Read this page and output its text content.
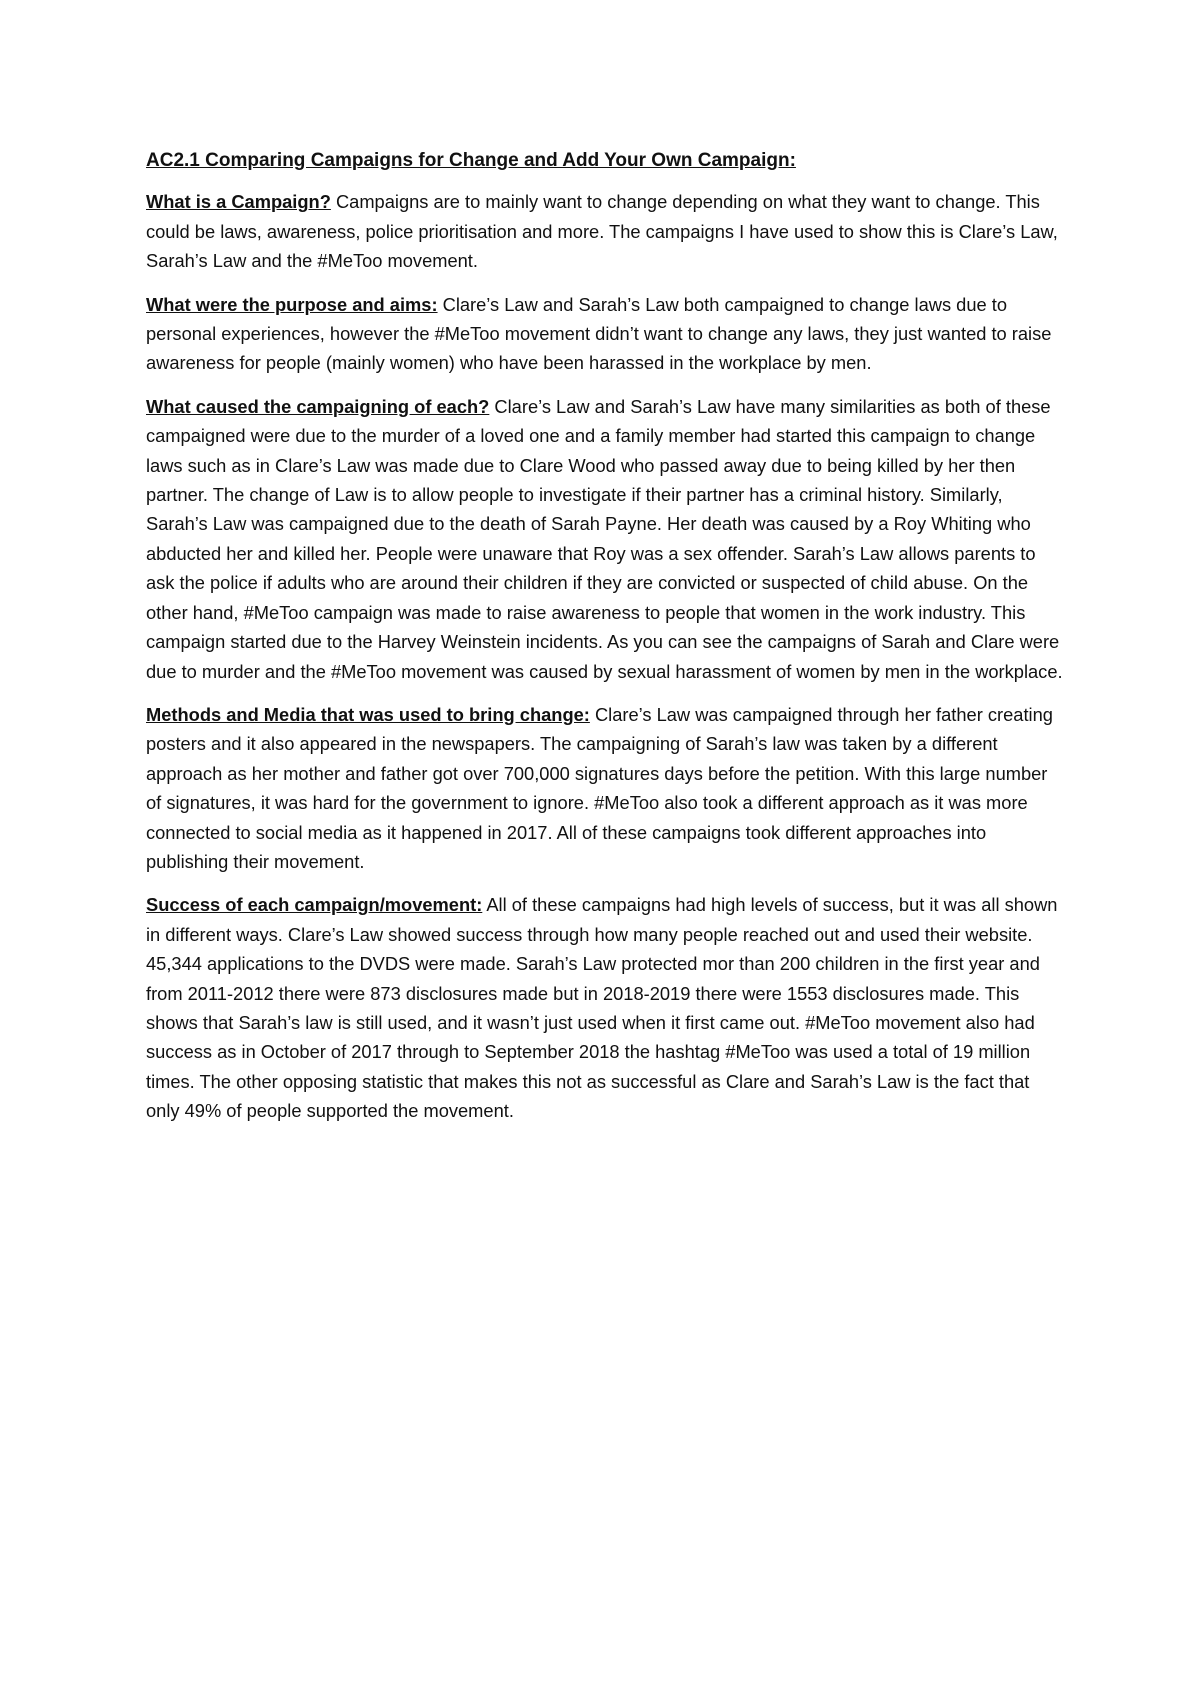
AC2.1 Comparing Campaigns for Change and Add Your Own Campaign:

What is a Campaign? Campaigns are to mainly want to change depending on what they want to change. This could be laws, awareness, police prioritisation and more. The campaigns I have used to show this is Clare’s Law, Sarah’s Law and the #MeToo movement.

What were the purpose and aims: Clare’s Law and Sarah’s Law both campaigned to change laws due to personal experiences, however the #MeToo movement didn’t want to change any laws, they just wanted to raise awareness for people (mainly women) who have been harassed in the workplace by men.

What caused the campaigning of each? Clare’s Law and Sarah’s Law have many similarities as both of these campaigned were due to the murder of a loved one and a family member had started this campaign to change laws such as in Clare’s Law was made due to Clare Wood who passed away due to being killed by her then partner. The change of Law is to allow people to investigate if their partner has a criminal history. Similarly, Sarah’s Law was campaigned due to the death of Sarah Payne. Her death was caused by a Roy Whiting who abducted her and killed her. People were unaware that Roy was a sex offender. Sarah’s Law allows parents to ask the police if adults who are around their children if they are convicted or suspected of child abuse. On the other hand, #MeToo campaign was made to raise awareness to people that women in the work industry. This campaign started due to the Harvey Weinstein incidents. As you can see the campaigns of Sarah and Clare were due to murder and the #MeToo movement was caused by sexual harassment of women by men in the workplace.

Methods and Media that was used to bring change: Clare’s Law was campaigned through her father creating posters and it also appeared in the newspapers. The campaigning of Sarah’s law was taken by a different approach as her mother and father got over 700,000 signatures days before the petition. With this large number of signatures, it was hard for the government to ignore. #MeToo also took a different approach as it was more connected to social media as it happened in 2017. All of these campaigns took different approaches into publishing their movement.

Success of each campaign/movement: All of these campaigns had high levels of success, but it was all shown in different ways. Clare’s Law showed success through how many people reached out and used their website. 45,344 applications to the DVDS were made. Sarah’s Law protected mor than 200 children in the first year and from 2011-2012 there were 873 disclosures made but in 2018-2019 there were 1553 disclosures made. This shows that Sarah’s law is still used, and it wasn’t just used when it first came out. #MeToo movement also had success as in October of 2017 through to September 2018 the hashtag #MeToo was used a total of 19 million times. The other opposing statistic that makes this not as successful as Clare and Sarah’s Law is the fact that only 49% of people supported the movement.
